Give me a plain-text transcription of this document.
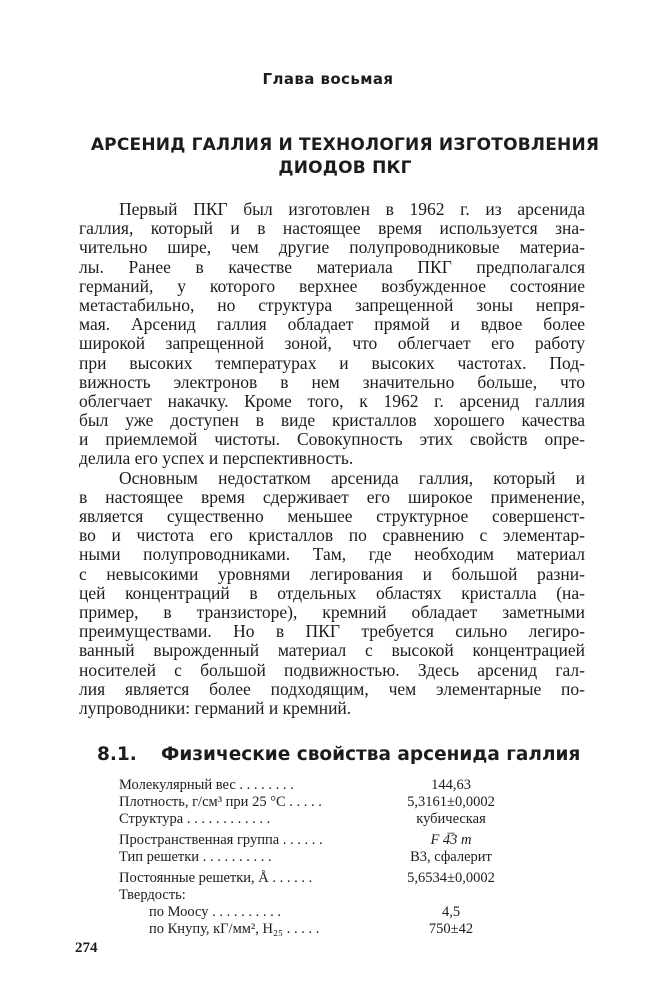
Глава восьмая
АРСЕНИД ГАЛЛИЯ И ТЕХНОЛОГИЯ ИЗГОТОВЛЕНИЯ
ДИОДОВ ПКГ
Первый ПКГ был изготовлен в 1962 г. из арсенида
галлия, который и в настоящее время используется зна-
чительно шире, чем другие полупроводниковые материа-
лы. Ранее в качестве материала ПКГ предполагался
германий, у которого верхнее возбужденное состояние
метастабильно, но структура запрещенной зоны непря-
мая. Арсенид галлия обладает прямой и вдвое более
широкой запрещенной зоной, что облегчает его работу
при высоких температурах и высоких частотах. Под-
вижность электронов в нем значительно больше, что
облегчает накачку. Кроме того, к 1962 г. арсенид галлия
был уже доступен в виде кристаллов хорошего качества
и приемлемой чистоты. Совокупность этих свойств опре-
делила его успех и перспективность.
Основным недостатком арсенида галлия, который и
в настоящее время сдерживает его широкое применение,
является существенно меньшее структурное совершенст-
во и чистота его кристаллов по сравнению с элементар-
ными полупроводниками. Там, где необходим материал
с невысокими уровнями легирования и большой разни-
цей концентраций в отдельных областях кристалла (на-
пример, в транзисторе), кремний обладает заметными
преимуществами. Но в ПКГ требуется сильно легиро-
ванный вырожденный материал с высокой концентрацией
носителей с большой подвижностью. Здесь арсенид гал-
лия является более подходящим, чем элементарные по-
лупроводники: германий и кремний.
8.1. Физические свойства арсенида галлия
Молекулярный вес . . . . . . . .	144,63
Плотность, г/см³ при 25 °С . . . . .	5,3161±0,0002
Структура . . . . . . . . . . . .	кубическая
Пространственная группа . . . . . .	F 4̅3 m
Тип решетки . . . . . . . . . .	В3, сфалерит
Постоянные решетки, Å . . . . . .	5,6534±0,0002
Твердость:
по Моосу . . . . . . . . . .	4,5
по Кнупу, кГ/мм², H₂₅ . . . . .	750±42
274
